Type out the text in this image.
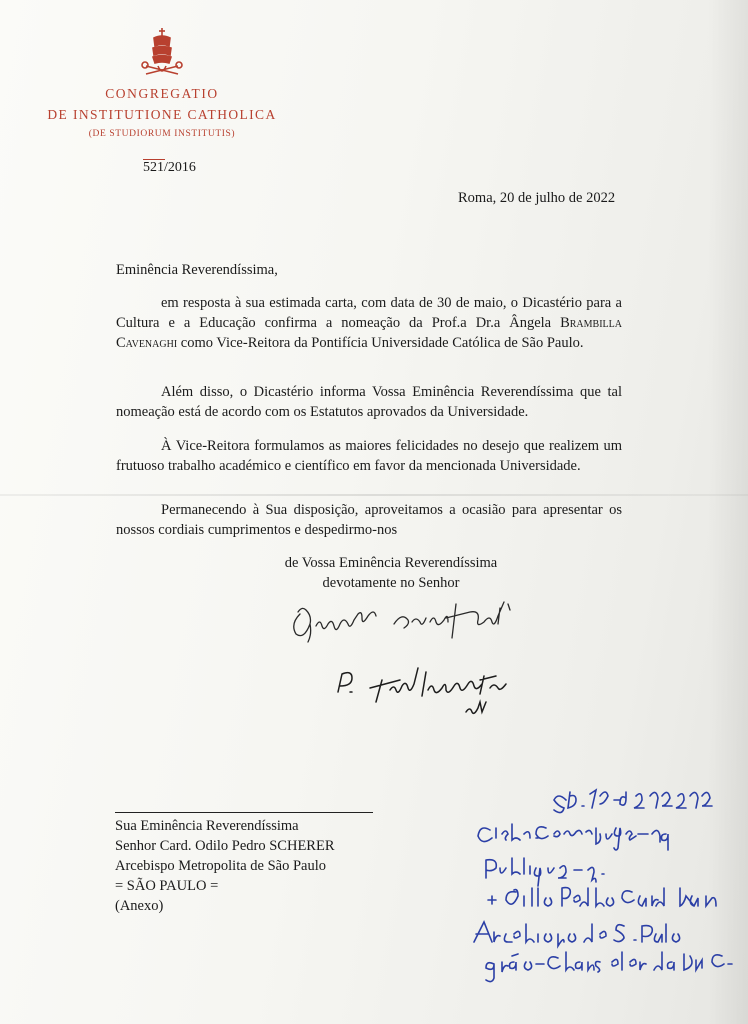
CONGREGATIO
DE INSTITUTIONE CATHOLICA
(DE STUDIORUM INSTITUTIS)
521/2016
Roma, 20 de julho de 2022
Eminência Reverendíssima,

em resposta à sua estimada carta, com data de 30 de maio, o Dicastério para a Cultura e a Educação confirma a nomeação da Prof.a Dr.a Ângela Brambilla Cavenaghi como Vice-Reitora da Pontifícia Universidade Católica de São Paulo.

Além disso, o Dicastério informa Vossa Eminência Reverendíssima que tal nomeação está de acordo com os Estatutos aprovados da Universidade.

À Vice-Reitora formulamos as maiores felicidades no desejo que realizem um frutuoso trabalho académico e científico em favor da mencionada Universidade.

Permanecendo à Sua disposição, aproveitamos a ocasião para apresentar os nossos cordiais cumprimentos e despedirmo-nos

de Vossa Eminência Reverendíssima
devotamente no Senhor
Sua Eminência Reverendíssima
Senhor Card. Odilo Pedro SCHERER
Arcebispo Metropolita de São Paulo
= SÃO PAULO =
(Anexo)
